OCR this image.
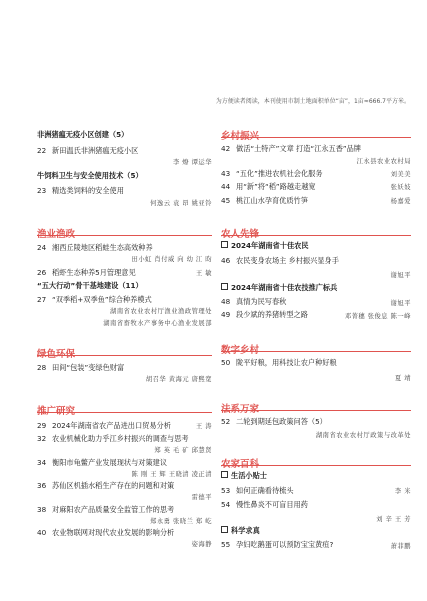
为方便读者阅读，本刊使用市制土地面积单位“亩”，1亩≈666.7平方米。
非洲猪瘟无疫小区创建（5）
22 新田温氏非洲猪瘟无疫小区
李 燎 谭运华
牛饲料卫生与安全使用技术（5）
23 精选类饲料的安全使用
何逸云 袁 昂 姚亚铃
渔业渔政
24 湘西丘陵地区稻蛙生态高效种养
田小虹 肖付威 向 幼 江 昀
26 稻虾生态种养5月管理意见	王 敏
“五大行动”骨干基地建设（11）
27 “双季稻+双季鱼”综合种养模式
湖南省农业农村厅渔业渔政管理处
湖南省畜牧水产事务中心渔业发展部
绿色环保
28 田间“包装”变绿色财富
胡召华 黄海元 唐熙宽
推广研究
29 2024年湖南省农产品进出口贸易分析	王 涛
32 农业机械化助力乎江乡村振兴的调查与思考
郑 英 毛 矿 邱慧贤
34 衡阳市龟鳖产业发展现状与对策建议
陈 刚 王 辉 王晓清 凌正清
36 苏仙区机插水稻生产存在的问题和对策
雷德平
38 对麻阳农产品质量安全监管工作的思考
郑永勇 张晓兰 郑 屹
40 农业物联网对现代农业发展的影响分析
姿海静
乡村振兴
42 做活“土特产”文章 打造“江永五香”品牌
江永县农业农村局
43 “五化”推进农机社会化服务	刘美美
44 用“新”将“稻”路越走越宽	张妖妓
45 桃江山水孕育优质竹笋	杨嘉爱
农人先锋
2024年湖南省十佳农民
46 农民变身农场主 乡村振兴显身手
谢旭平
2024年湖南省十佳农技推广标兵
48 真情为民写春秋	谢旭平
49 段少斌的养猪转型之路	邓菁穗 张俊息 陈一峰
数字乡村
50 陇平好粮，用科技让农户种好粮
夏 靖
法系万家
52 二轮到期延包政策问答（5）
湖南省农业农村厅政策与改革处
农家百科
生活小贴士
53 如何正确看待梳头	李 米
54 慢性鼻炎不可盲目用药
刘 辛 王 芳
科学求真
55 孕妇吃鹅蛋可以预防宝宝黄疸?	萧菲鹏
